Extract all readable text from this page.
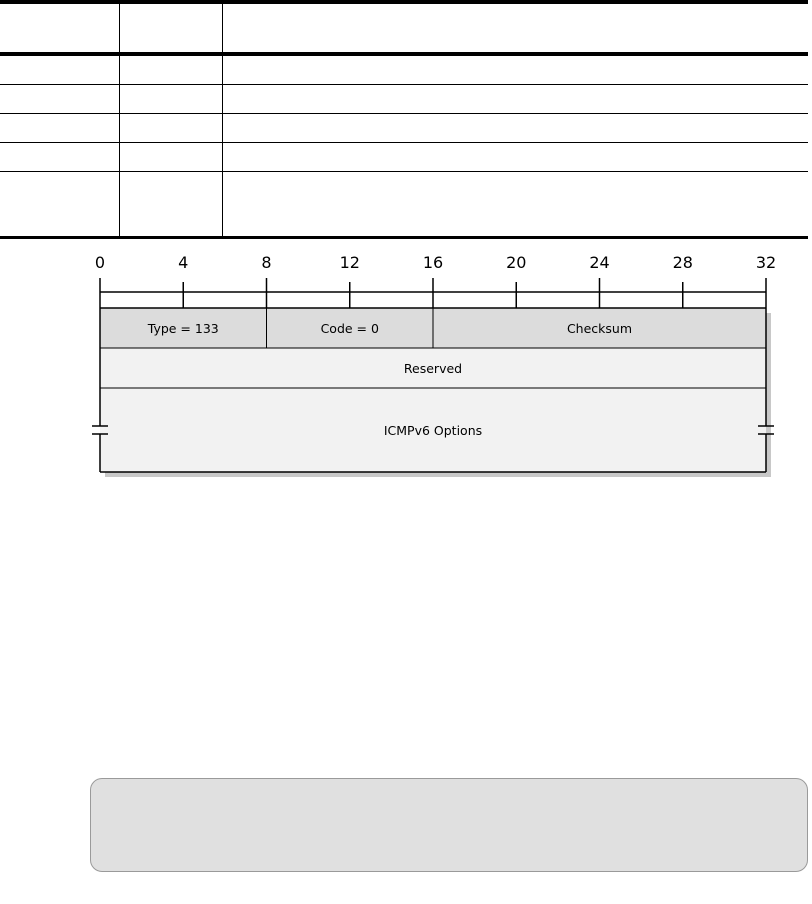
0	4	8	12	16	20	24	28	32
Type = 133	Code = 0	Checksum
Reserved
ICMPv6 Options
